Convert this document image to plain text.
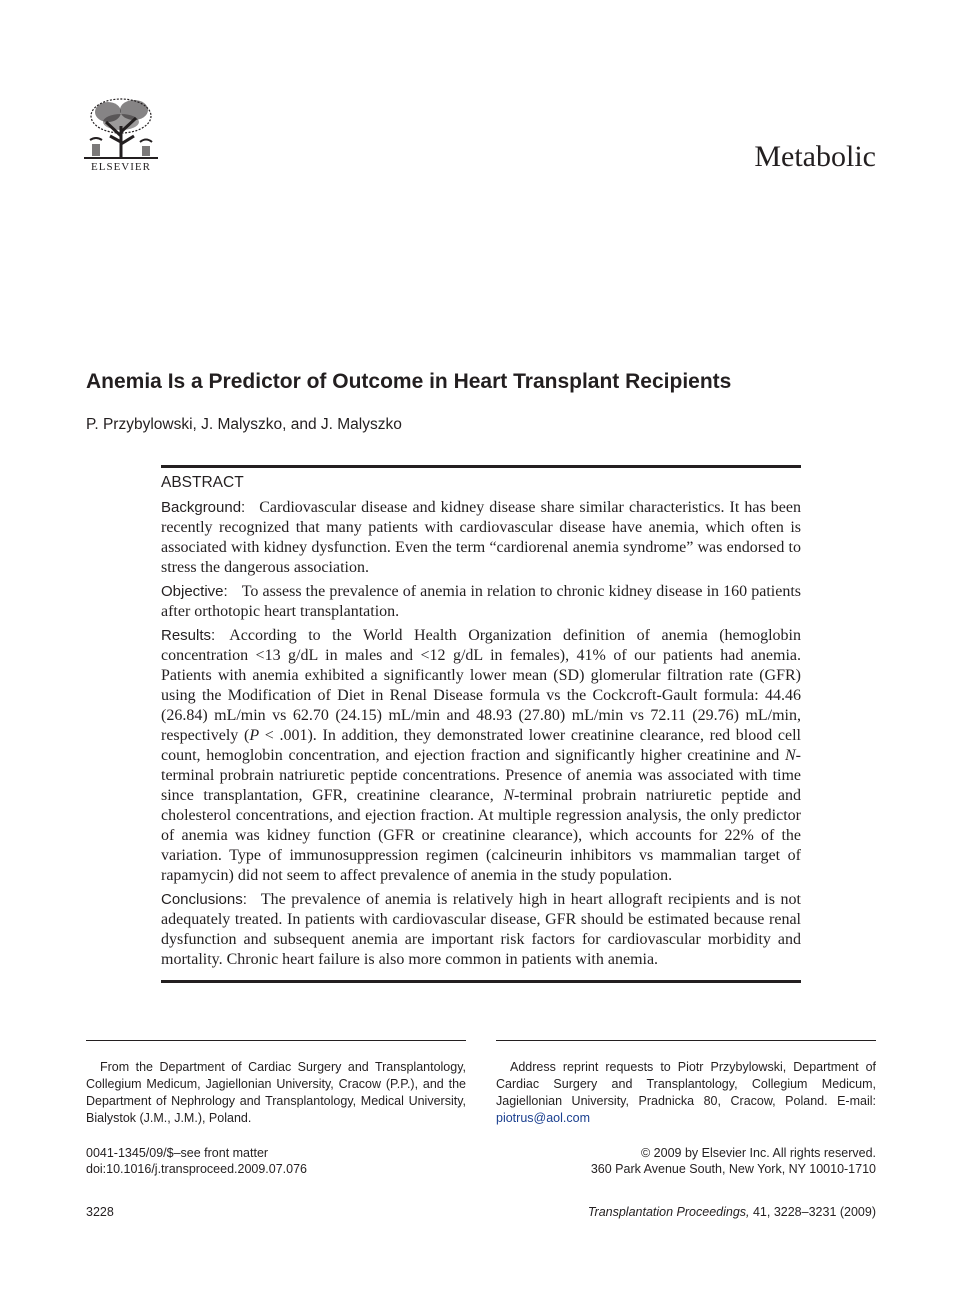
ELSEVIER	Metabolic
Anemia Is a Predictor of Outcome in Heart Transplant Recipients

P. Przybylowski, J. Malyszko, and J. Malyszko

ABSTRACT

Background: Cardiovascular disease and kidney disease share similar characteristics. It has been recently recognized that many patients with cardiovascular disease have anemia, which often is associated with kidney dysfunction. Even the term “cardiorenal anemia syndrome” was endorsed to stress the dangerous association.

Objective: To assess the prevalence of anemia in relation to chronic kidney disease in 160 patients after orthotopic heart transplantation.

Results: According to the World Health Organization definition of anemia (hemoglobin concentration <13 g/dL in males and <12 g/dL in females), 41% of our patients had anemia. Patients with anemia exhibited a significantly lower mean (SD) glomerular filtration rate (GFR) using the Modification of Diet in Renal Disease formula vs the Cockcroft-Gault formula: 44.46 (26.84) mL/min vs 62.70 (24.15) mL/min and 48.93 (27.80) mL/min vs 72.11 (29.76) mL/min, respectively (P < .001). In addition, they demonstrated lower creatinine clearance, red blood cell count, hemoglobin concentration, and ejection fraction and significantly higher creatinine and N-terminal probrain natriuretic peptide concentrations. Presence of anemia was associated with time since transplantation, GFR, creatinine clearance, N-terminal probrain natriuretic peptide and cholesterol concentrations, and ejection fraction. At multiple regression analysis, the only predictor of anemia was kidney function (GFR or creatinine clearance), which accounts for 22% of the variation. Type of immunosuppression regimen (calcineurin inhibitors vs mammalian target of rapamycin) did not seem to affect prevalence of anemia in the study population.

Conclusions: The prevalence of anemia is relatively high in heart allograft recipients and is not adequately treated. In patients with cardiovascular disease, GFR should be estimated because renal dysfunction and subsequent anemia are important risk factors for cardiovascular morbidity and mortality. Chronic heart failure is also more common in patients with anemia.

From the Department of Cardiac Surgery and Transplantology, Collegium Medicum, Jagiellonian University, Cracow (P.P.), and the Department of Nephrology and Transplantology, Medical University, Bialystok (J.M., J.M.), Poland.

Address reprint requests to Piotr Przybylowski, Department of Cardiac Surgery and Transplantology, Collegium Medicum, Jagiellonian University, Pradnicka 80, Cracow, Poland. E-mail: piotrus@aol.com

0041-1345/09/$–see front matter

doi:10.1016/j.transproceed.2009.07.076

© 2009 by Elsevier Inc. All rights reserved.

360 Park Avenue South, New York, NY 10010-1710

3228	Transplantation Proceedings, 41, 3228–3231 (2009)
